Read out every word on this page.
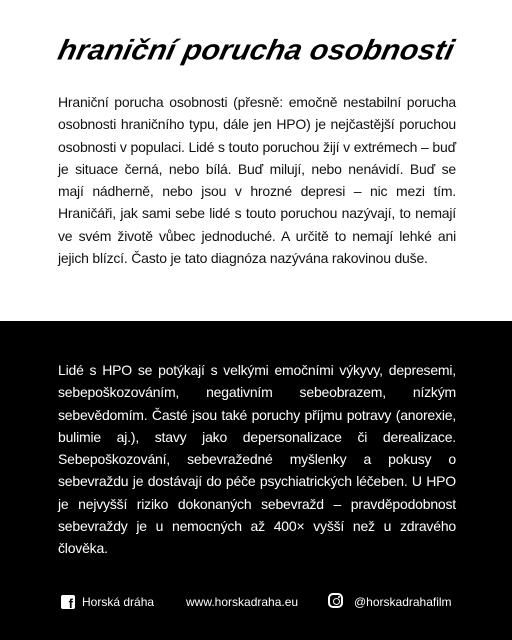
hraniční porucha osobnosti
Hraniční porucha osobnosti (přesně: emočně nestabilní porucha osobnosti hraničního typu, dále jen HPO) je nejčastější poruchou osobnosti v populaci. Lidé s touto poruchou žijí v extrémech – buď je situace černá, nebo bílá. Buď milují, nebo nenávidí. Buď se mají nádherně, nebo jsou v hrozné depresi – nic mezi tím. Hraničáři, jak sami sebe lidé s touto poruchou nazývají, to nemají ve svém životě vůbec jednoduché. A určitě to nemají lehké ani jejich blízcí. Často je tato diagnóza nazývána rakovinou duše.
Lidé s HPO se potýkají s velkými emočními výkyvy, depresemi, sebepoškozováním, negativním sebeobrazem, nízkým sebevědomím. Časté jsou také poruchy příjmu potravy (anorexie, bulimie aj.), stavy jako depersonalizace či derealizace. Sebepoškozování, sebevražedné myšlenky a pokusy o sebevraždu je dostávají do péče psychiatrických léčeben. U HPO je nejvyšší riziko dokonaných sebevražd – pravděpodobnost sebevraždy je u nemocných až 400× vyšší než u zdravého člověka.
f Horská dráha	www.horskadraha.eu	@horskadrahafilm
